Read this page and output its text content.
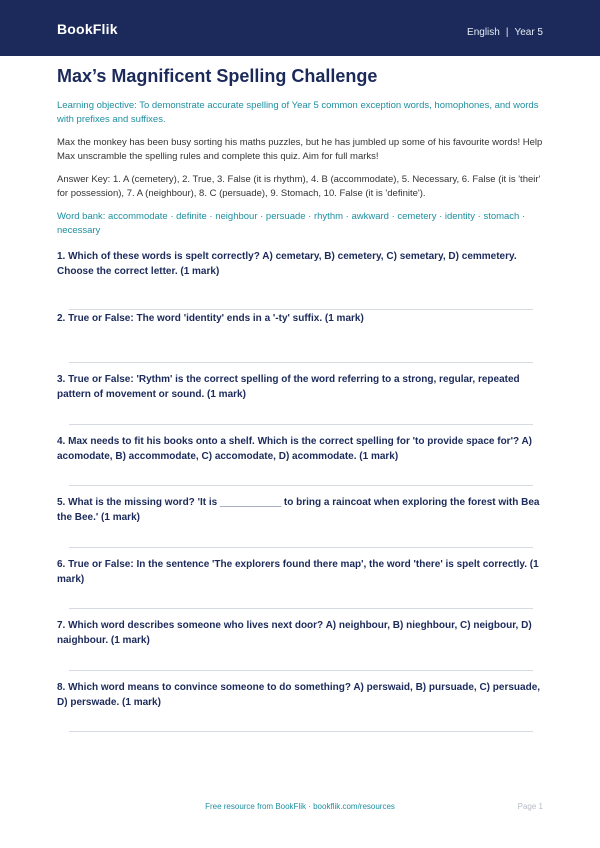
BookFlik	English | Year 5
Max’s Magnificent Spelling Challenge
Learning objective: To demonstrate accurate spelling of Year 5 common exception words, homophones, and words with prefixes and suffixes.
Max the monkey has been busy sorting his maths puzzles, but he has jumbled up some of his favourite words! Help Max unscramble the spelling rules and complete this quiz. Aim for full marks!
Answer Key: 1. A (cemetery), 2. True, 3. False (it is rhythm), 4. B (accommodate), 5. Necessary, 6. False (it is 'their' for possession), 7. A (neighbour), 8. C (persuade), 9. Stomach, 10. False (it is 'definite').
Word bank: accommodate · definite · neighbour · persuade · rhythm · awkward · cemetery · identity · stomach · necessary
1. Which of these words is spelt correctly? A) cemetary, B) cemetery, C) semetary, D) cemmetery. Choose the correct letter. (1 mark)
2. True or False: The word 'identity' ends in a '-ty' suffix. (1 mark)
3. True or False: 'Rythm' is the correct spelling of the word referring to a strong, regular, repeated pattern of movement or sound. (1 mark)
4. Max needs to fit his books onto a shelf. Which is the correct spelling for 'to provide space for'? A) acomodate, B) accommodate, C) accomodate, D) acommodate. (1 mark)
5. What is the missing word? 'It is ___________ to bring a raincoat when exploring the forest with Bea the Bee.' (1 mark)
6. True or False: In the sentence 'The explorers found there map', the word 'there' is spelt correctly. (1 mark)
7. Which word describes someone who lives next door? A) neighbour, B) nieghbour, C) neigbour, D) naighbour. (1 mark)
8. Which word means to convince someone to do something? A) perswaid, B) pursuade, C) persuade, D) perswade. (1 mark)
Free resource from BookFlik · bookflik.com/resources	Page 1
